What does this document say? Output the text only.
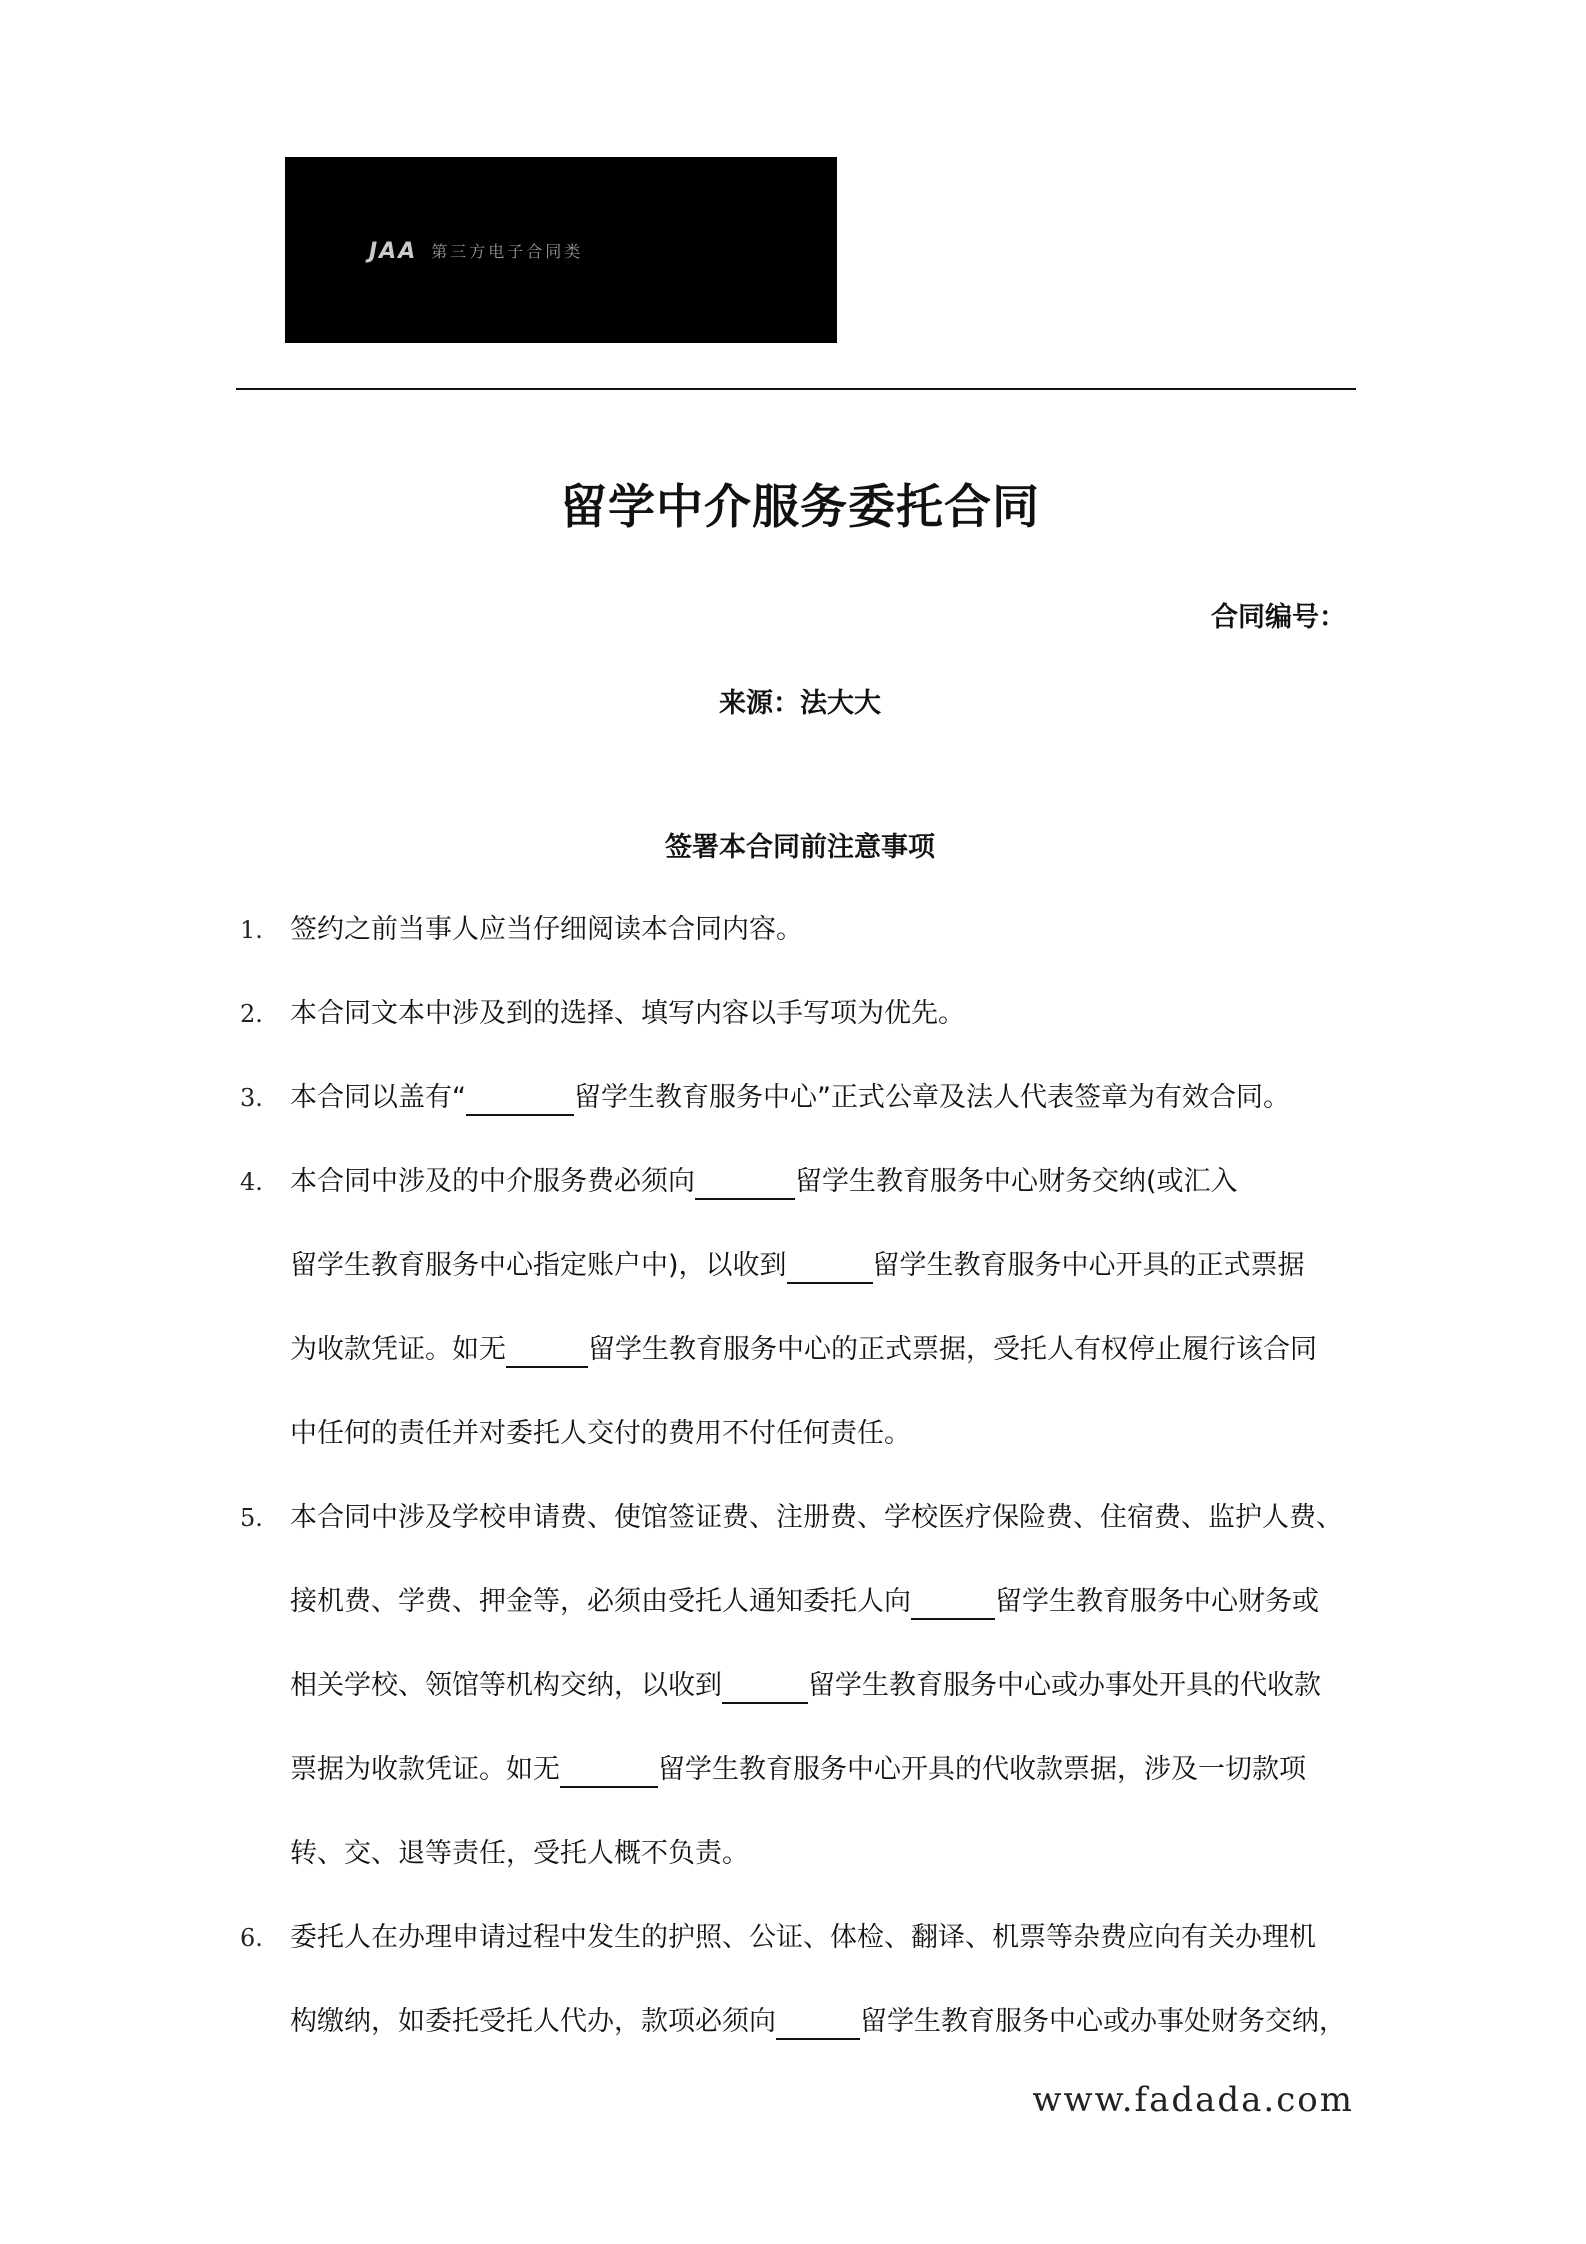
JAA 第三方电子合同类
留学中介服务委托合同
合同编号：
来源：法大大
签署本合同前注意事项
1. 签约之前当事人应当仔细阅读本合同内容。
2. 本合同文本中涉及到的选择、填写内容以手写项为优先。
3. 本合同以盖有“	留学生教育服务中心”正式公章及法人代表签章为有效合同。
4. 本合同中涉及的中介服务费必须向	留学生教育服务中心财务交纳(或汇入
留学生教育服务中心指定账户中)，以收到	留学生教育服务中心开具的正式票据
为收款凭证。如无	留学生教育服务中心的正式票据，受托人有权停止履行该合同
中任何的责任并对委托人交付的费用不付任何责任。
5. 本合同中涉及学校申请费、使馆签证费、注册费、学校医疗保险费、住宿费、监护人费、
接机费、学费、押金等，必须由受托人通知委托人向	留学生教育服务中心财务或
相关学校、领馆等机构交纳，以收到	留学生教育服务中心或办事处开具的代收款
票据为收款凭证。如无	留学生教育服务中心开具的代收款票据，涉及一切款项
转、交、退等责任，受托人概不负责。
6. 委托人在办理申请过程中发生的护照、公证、体检、翻译、机票等杂费应向有关办理机
构缴纳，如委托受托人代办，款项必须向	留学生教育服务中心或办事处财务交纳，
www.fadada.com
